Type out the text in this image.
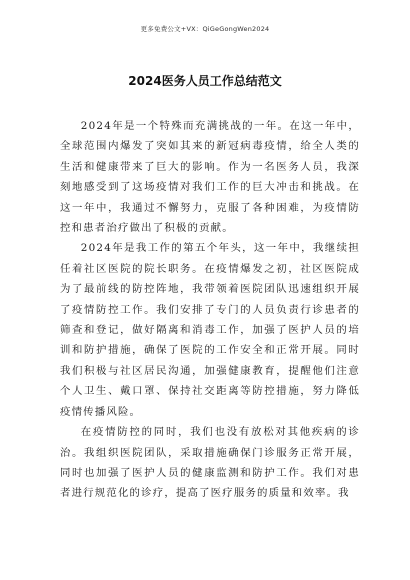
更多免费公文+VX：QiGeGongWen2024
2024医务人员工作总结范文

2024年是一个特殊而充满挑战的一年。在这一年中，全球范围内爆发了突如其来的新冠病毒疫情，给全人类的生活和健康带来了巨大的影响。作为一名医务人员，我深刻地感受到了这场疫情对我们工作的巨大冲击和挑战。在这一年中，我通过不懈努力，克服了各种困难，为疫情防控和患者治疗做出了积极的贡献。

2024年是我工作的第五个年头，这一年中，我继续担任着社区医院的院长职务。在疫情爆发之初，社区医院成为了最前线的防控阵地，我带领着医院团队迅速组织开展了疫情防控工作。我们安排了专门的人员负责行诊患者的筛查和登记，做好隔离和消毒工作，加强了医护人员的培训和防护措施，确保了医院的工作安全和正常开展。同时我们积极与社区居民沟通，加强健康教育，提醒他们注意个人卫生、戴口罩、保持社交距离等防控措施，努力降低疫情传播风险。

在疫情防控的同时，我们也没有放松对其他疾病的诊治。我组织医院团队，采取措施确保门诊服务正常开展，同时也加强了医护人员的健康监测和防护工作。我们对患者进行规范化的诊疗，提高了医疗服务的质量和效率。我
